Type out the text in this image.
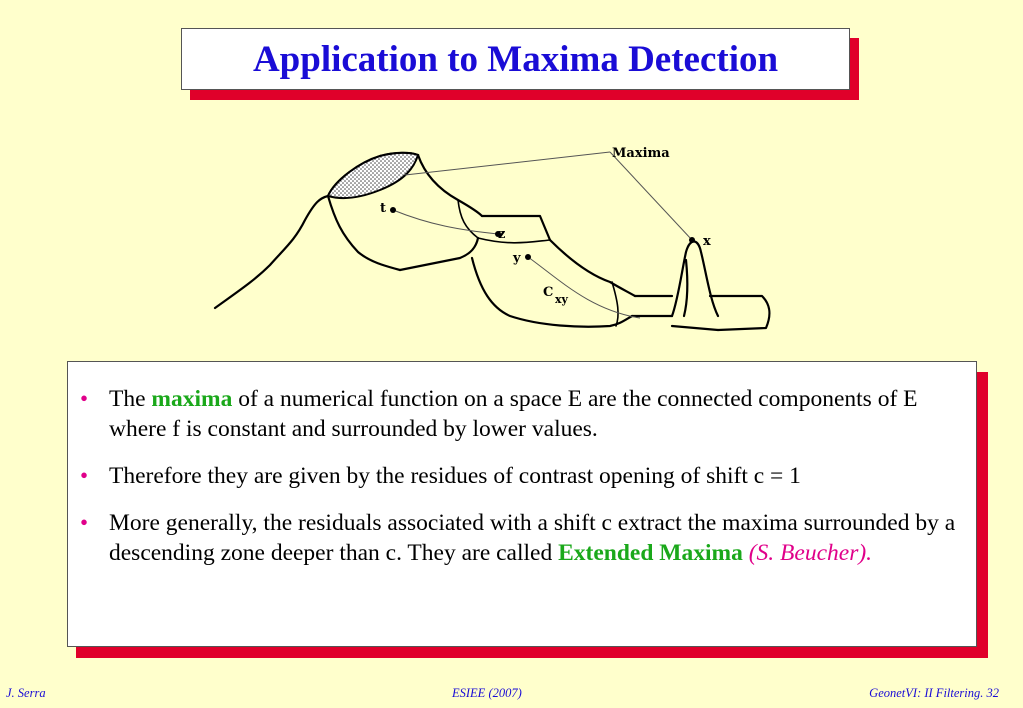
Application to Maxima Detection
Maxima
t
z
y
x
C xy
• The maxima of a numerical function on a space E are the connected components of E where f is constant and surrounded by lower values.
• Therefore they are given by the residues of contrast opening of shift c = 1
• More generally, the residuals associated with a shift c extract the maxima surrounded by a descending zone deeper than c. They are called Extended Maxima (S. Beucher).
J. Serra	ESIEE (2007)	GeonetVI: II Filtering. 32
